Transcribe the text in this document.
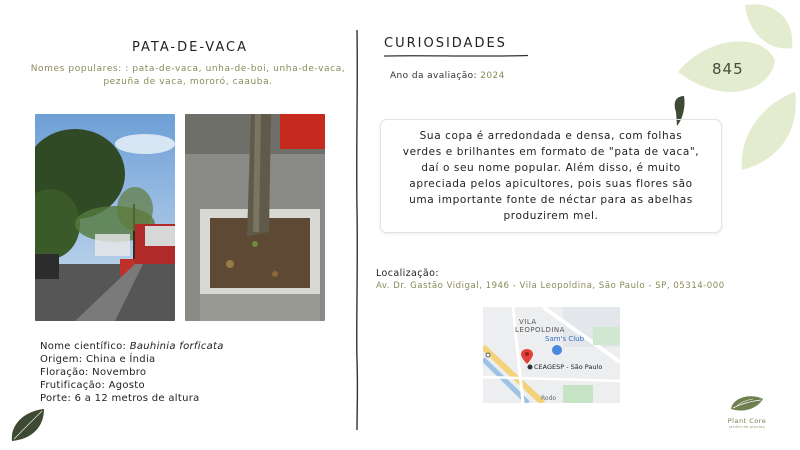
845
PATA-DE-VACA
Nomes populares: : pata-de-vaca, unha-de-boi, unha-de-vaca, pezuña de vaca, mororó, caauba.
Nome científico: Bauhinia forficata
Origem: China e Índia
Floração: Novembro
Frutificação: Agosto
Porte: 6 a 12 metros de altura
CURIOSIDADES
Ano da avaliação: 2024
Sua copa é arredondada e densa, com folhas verdes e brilhantes em formato de "pata de vaca", daí o seu nome popular. Além disso, é muito apreciada pelos apicultores, pois suas flores são uma importante fonte de néctar para as abelhas produzirem mel.
Localização:
Av. Dr. Gastão Vidigal, 1946 - Vila Leopoldina, São Paulo - SP, 05314-000
VILA
LEOPOLDINA
Sam's Club
CEAGESP - São Paulo
Rodo
Plant Core
jardim de plantas
